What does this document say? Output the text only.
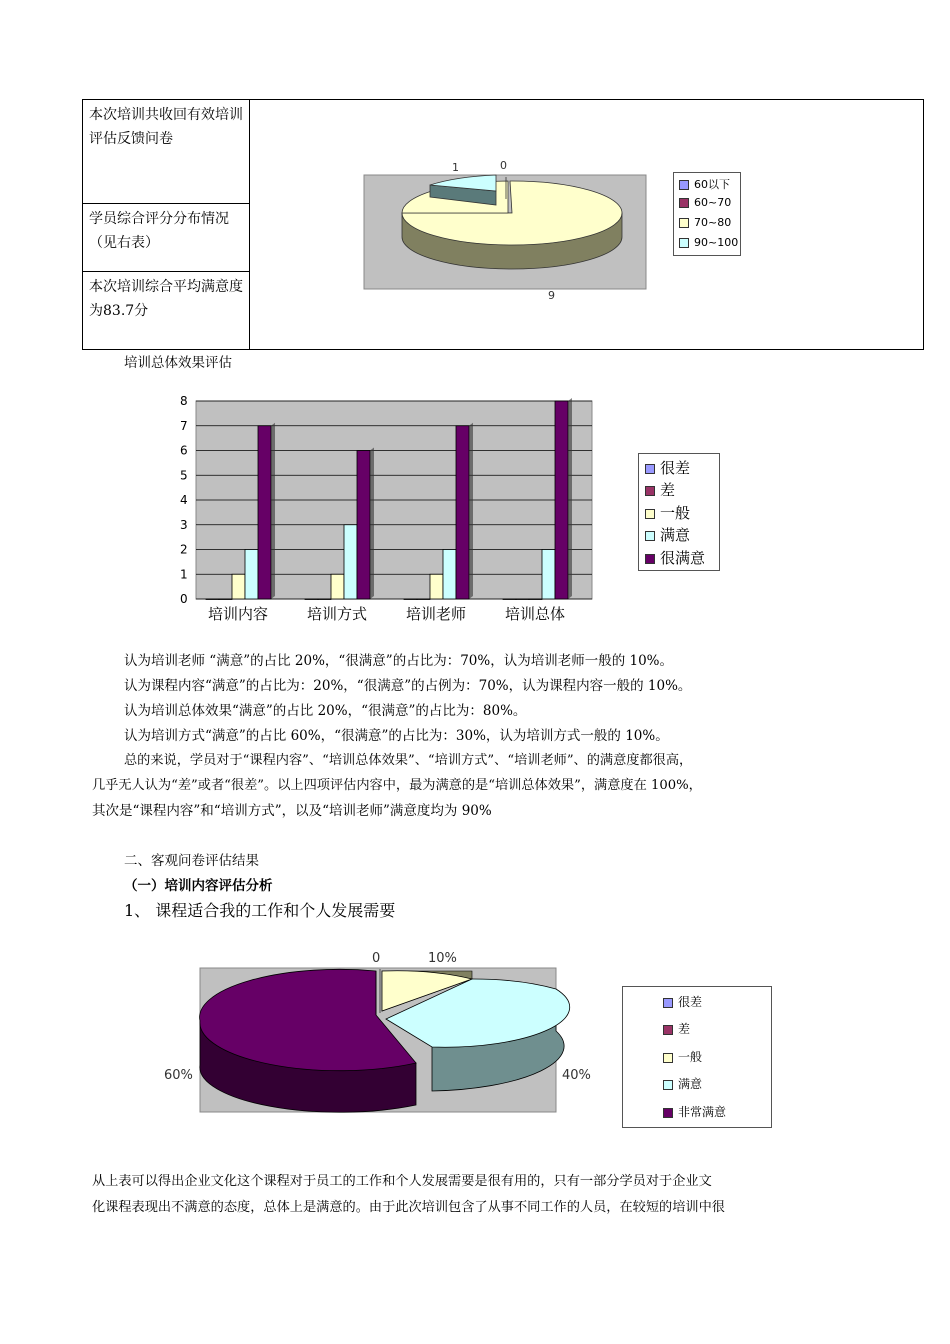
本次培训共收回有效培训评估反馈问卷	
学员综合评分分布情况（见右表）
本次培训综合平均满意度为83.7分
1	0
9
60以下
60~70
70~80
90~100
培训总体效果评估
0
1
2
3
4
5
6
7
8
培训内容	培训方式	培训老师	培训总体
很差
差
一般
满意
很满意
认为培训老师 “满意”的占比 20%，“很满意”的占比为：70%，认为培训老师一般的 10%。
认为课程内容“满意”的占比为：20%，“很满意”的占例为：70%，认为课程内容一般的 10%。
认为培训总体效果“满意”的占比 20%，“很满意”的占比为：80%。
认为培训方式“满意”的占比 60%，“很满意”的占比为：30%，认为培训方式一般的 10%。
总的来说，学员对于“课程内容”、“培训总体效果”、“培训方式”、“培训老师”、的满意度都很高，
几乎无人认为“差”或者“很差”。以上四项评估内容中，最为满意的是“培训总体效果”，满意度在 100%，
其次是“课程内容”和“培训方式”，以及“培训老师”满意度均为 90%
二、客观问卷评估结果
（一）培训内容评估分析
1、 课程适合我的工作和个人发展需要
0	10%
40%
60%
很差
差
一般
满意
非常满意
从上表可以得出企业文化这个课程对于员工的工作和个人发展需要是很有用的，只有一部分学员对于企业文
化课程表现出不满意的态度，总体上是满意的。由于此次培训包含了从事不同工作的人员，在较短的培训中很
